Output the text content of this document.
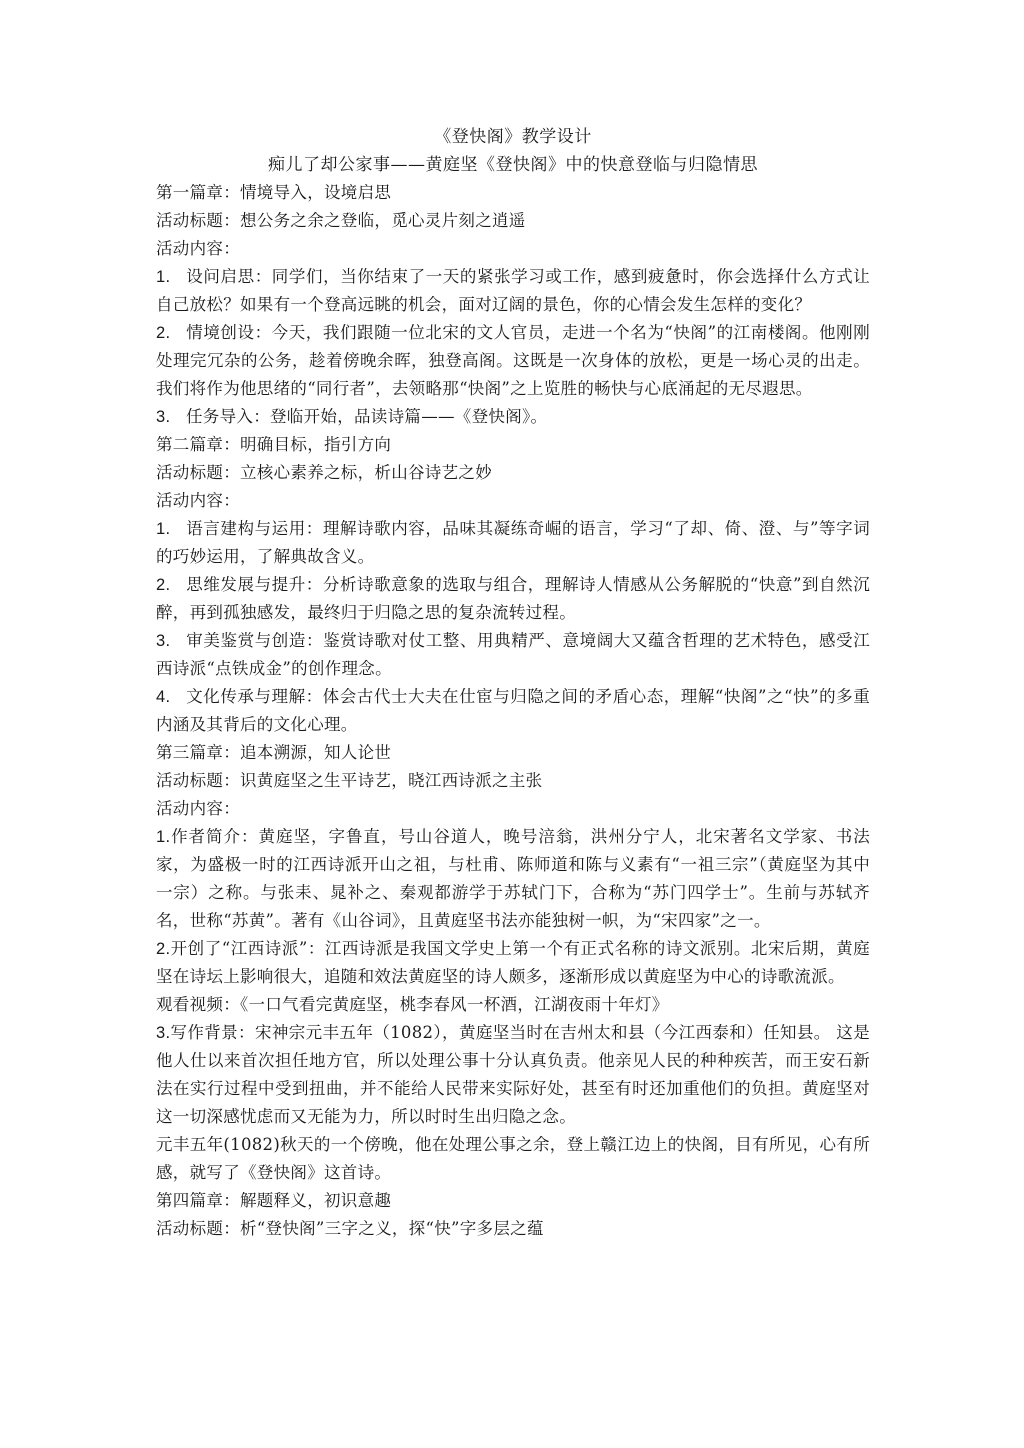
《登快阁》教学设计

痴儿了却公家事——黄庭坚《登快阁》中的快意登临与归隐情思

第一篇章：情境导入，设境启思

活动标题：想公务之余之登临，觅心灵片刻之逍遥

活动内容：

1. 设问启思：同学们，当你结束了一天的紧张学习或工作，感到疲惫时，你会选择什么方式让自己放松？如果有一个登高远眺的机会，面对辽阔的景色，你的心情会发生怎样的变化？

2. 情境创设：今天，我们跟随一位北宋的文人官员，走进一个名为“快阁”的江南楼阁。他刚刚处理完冗杂的公务，趁着傍晚余晖，独登高阁。这既是一次身体的放松，更是一场心灵的出走。我们将作为他思绪的“同行者”，去领略那“快阁”之上览胜的畅快与心底涌起的无尽遐思。

3. 任务导入：登临开始，品读诗篇——《登快阁》。

第二篇章：明确目标，指引方向

活动标题：立核心素养之标，析山谷诗艺之妙

活动内容：

1. 语言建构与运用：理解诗歌内容，品味其凝练奇崛的语言，学习“了却、倚、澄、与”等字词的巧妙运用，了解典故含义。

2. 思维发展与提升：分析诗歌意象的选取与组合，理解诗人情感从公务解脱的“快意”到自然沉醉，再到孤独感发，最终归于归隐之思的复杂流转过程。

3. 审美鉴赏与创造：鉴赏诗歌对仗工整、用典精严、意境阔大又蕴含哲理的艺术特色，感受江西诗派“点铁成金”的创作理念。

4. 文化传承与理解：体会古代士大夫在仕宦与归隐之间的矛盾心态，理解“快阁”之“快”的多重内涵及其背后的文化心理。

第三篇章：追本溯源，知人论世

活动标题：识黄庭坚之生平诗艺，晓江西诗派之主张

活动内容：

1.作者简介：黄庭坚，字鲁直，号山谷道人，晚号涪翁，洪州分宁人，北宋著名文学家、书法家，为盛极一时的江西诗派开山之祖，与杜甫、陈师道和陈与义素有“一祖三宗”（黄庭坚为其中一宗）之称。与张耒、晁补之、秦观都游学于苏轼门下，合称为“苏门四学士”。生前与苏轼齐名，世称“苏黄”。著有《山谷词》，且黄庭坚书法亦能独树一帜，为“宋四家”之一。

2.开创了“江西诗派”：江西诗派是我国文学史上第一个有正式名称的诗文派别。北宋后期，黄庭坚在诗坛上影响很大，追随和效法黄庭坚的诗人颇多，逐渐形成以黄庭坚为中心的诗歌流派。

观看视频：《一口气看完黄庭坚，桃李春风一杯酒，江湖夜雨十年灯》

3.写作背景：宋神宗元丰五年（1082），黄庭坚当时在吉州太和县（今江西泰和）任知县。 这是他人仕以来首次担任地方官，所以处理公事十分认真负责。他亲见人民的种种疾苦，而王安石新法在实行过程中受到扭曲，并不能给人民带来实际好处，甚至有时还加重他们的负担。黄庭坚对这一切深感忧虑而又无能为力，所以时时生出归隐之念。

元丰五年(1082)秋天的一个傍晚，他在处理公事之余，登上赣江边上的快阁，目有所见，心有所感，就写了《登快阁》这首诗。

第四篇章：解题释义，初识意趣

活动标题：析“登快阁”三字之义，探“快”字多层之蕴
